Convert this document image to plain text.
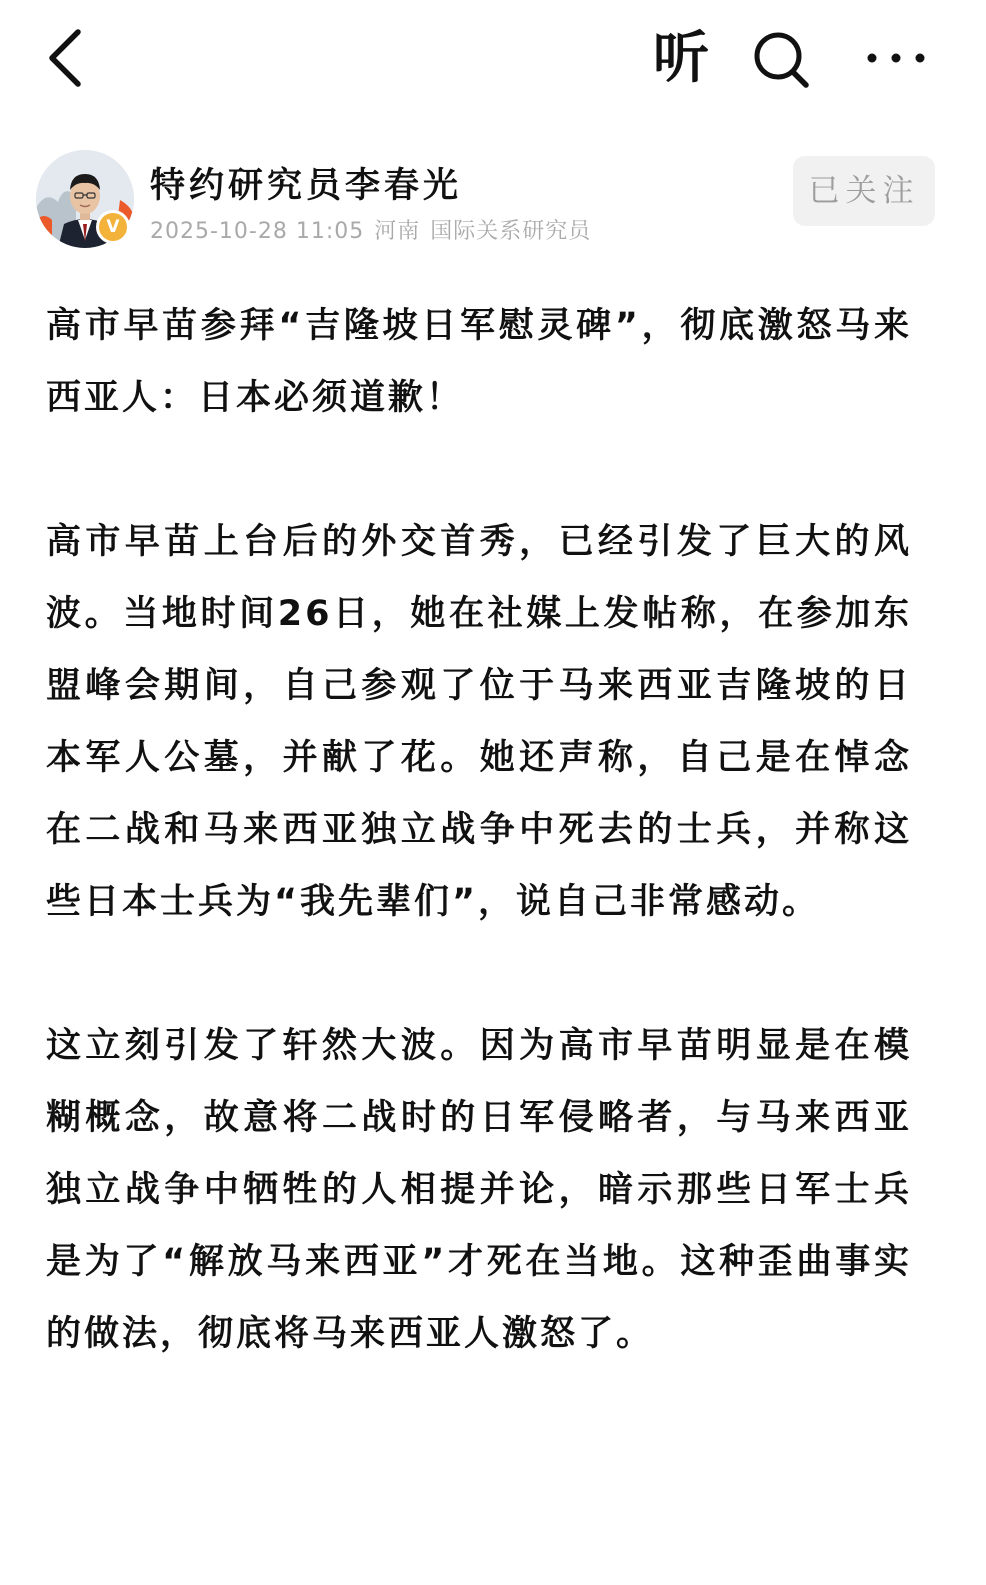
听
V
特约研究员李春光
2025-10-28 11:05 河南 国际关系研究员
已关注

高市早苗参拜“吉隆坡日军慰灵碑”，彻底激怒马来西亚人：日本必须道歉！

高市早苗上台后的外交首秀，已经引发了巨大的风波。当地时间26日，她在社媒上发帖称，在参加东盟峰会期间，自己参观了位于马来西亚吉隆坡的日本军人公墓，并献了花。她还声称，自己是在悼念在二战和马来西亚独立战争中死去的士兵，并称这些日本士兵为“我先辈们”，说自己非常感动。

这立刻引发了轩然大波。因为高市早苗明显是在模糊概念，故意将二战时的日军侵略者，与马来西亚独立战争中牺牲的人相提并论，暗示那些日军士兵是为了“解放马来西亚”才死在当地。这种歪曲事实的做法，彻底将马来西亚人激怒了。
